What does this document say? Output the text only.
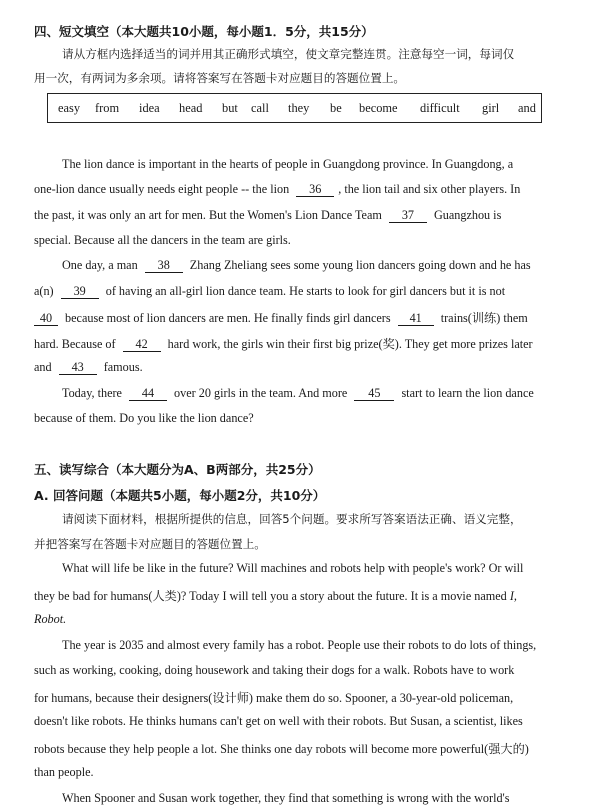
四、短文填空（本大题共10小题，每小题1．5分，共15分）
请从方框内选择适当的词并用其正确形式填空，使文章完整连贯。注意每空一词，每词仅
用一次，有两词为多余项。请将答案写在答题卡对应题目的答题位置上。
easy from idea head but call they be become difficult girl and
The lion dance is important in the hearts of people in Guangdong province. In Guangdong, a
one-lion dance usually needs eight people -- the lion 36 , the lion tail and six other players. In
the past, it was only an art for men. But the Women's Lion Dance Team 37 Guangzhou is
special. Because all the dancers in the team are girls.
One day, a man 38 Zhang Zheliang sees some young lion dancers going down and he has
a(n) 39 of having an all-girl lion dance team. He starts to look for girl dancers but it is not
40 because most of lion dancers are men. He finally finds girl dancers 41 trains(训练) them
hard. Because of 42 hard work, the girls win their first big prize(奖). They get more prizes later
and 43 famous.
Today, there 44 over 20 girls in the team. And more 45 start to learn the lion dance
because of them. Do you like the lion dance?
五、读写综合（本大题分为A、B两部分，共25分）
A. 回答问题（本题共5小题，每小题2分，共10分）
请阅读下面材料，根据所提供的信息，回答5个问题。要求所写答案语法正确、语义完整，
并把答案写在答题卡对应题目的答题位置上。
What will life be like in the future? Will machines and robots help with people's work? Or will
they be bad for humans(人类)? Today I will tell you a story about the future. It is a movie named I,
Robot.
The year is 2035 and almost every family has a robot. People use their robots to do lots of things,
such as working, cooking, doing housework and taking their dogs for a walk. Robots have to work
for humans, because their designers(设计师) make them do so. Spooner, a 30-year-old policeman,
doesn't like robots. He thinks humans can't get on well with their robots. But Susan, a scientist, likes
robots because they help people a lot. She thinks one day robots will become more powerful(强大的)
than people.
When Spooner and Susan work together, they find that something is wrong with the world's
